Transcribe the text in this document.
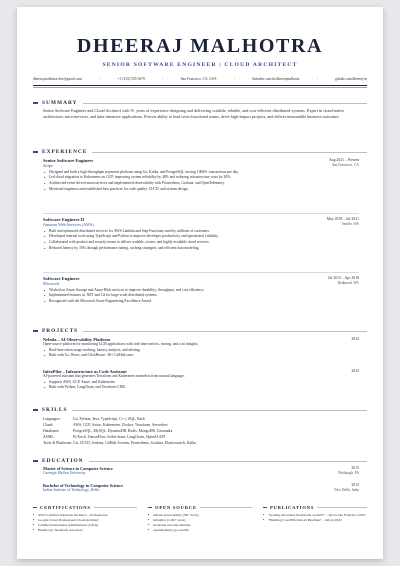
DHEERAJ MALHOTRA
SENIOR SOFTWARE ENGINEER | CLOUD ARCHITECT
dheeraj.malhotra.dev@gmail.com	|	+1 (415) 555-3679	|	San Francisco, CA, USA	|	linkedin.com/in/dheerajmalhotra	|	github.com/dheeraj-m
SUMMARY
Senior Software Engineer and Cloud Architect with 9+ years of experience designing and delivering scalable, reliable, and cost-efficient distributed systems. Expert in cloud-native architecture, microservices, and data-intensive applications. Proven ability to lead cross-functional teams, drive high-impact projects, and deliver measurable business outcomes.
EXPERIENCE
Senior Software Engineer	Aug 2021 – Present
Stripe	San Francisco, CA
• Designed and built a high-throughput payments platform using Go, Kafka, and PostgreSQL serving 100M+ transactions per day.
• Led cloud migration to Kubernetes on GCP, improving system reliability by 40% and reducing infrastructure costs by 28%.
• Architected event-driven microservices and implemented observability with Prometheus, Grafana, and OpenTelemetry.
• Mentored engineers and established best practices for code quality, CI/CD, and system design.
Software Engineer II	May 2018 – Jul 2021
Amazon Web Services (AWS)	Seattle, WA
• Built and optimized distributed services for AWS Lambda and Step Functions used by millions of customers.
• Developed internal tools using TypeScript and Python to improve developer productivity and operational visibility.
• Collaborated with product and security teams to deliver scalable, secure, and highly available cloud services.
• Reduced latency by 35% through performance tuning, caching strategies, and efficient data modeling.
Software Engineer	Jul 2015 – Apr 2018
Microsoft	Redmond, WA
• Worked on Azure Storage and Azure Blob services to improve durability, throughput, and cost efficiency.
• Implemented features in .NET and C# for large-scale distributed systems.
• Recognized with the Microsoft Azure Engineering Excellence Award.
PROJECTS
Nebula – AI Observability Platform	2024
Open-source platform for monitoring LLM applications with real-time metrics, tracing, and cost insights.
• Real-time token usage tracking, latency analysis, and alerting.
• Built with Go, React, and ClickHouse. 3K+ GitHub stars.
InfraPilot – Infrastructure as Code Assistant	2023
AI-powered assistant that generates Terraform and Kubernetes manifests from natural language.
• Supports AWS, GCP, Azure, and Kubernetes.
• Built with Python, LangChain, and Terraform CDK.
SKILLS
Languages:	Go, Python, Java, TypeScript, C++, SQL, Bash
Cloud:	AWS, GCP, Azure, Kubernetes, Docker, Terraform, Serverless
Databases:	PostgreSQL, MySQL, DynamoDB, Redis, MongoDB, Cassandra
AI/ML:	PyTorch, TensorFlow, Scikit-learn, LangChain, OpenAI API
Tools & Platforms: Git, CI/CD, Jenkins, GitHub Actions, Prometheus, Grafana, Elasticsearch, Kafka
EDUCATION
Master of Science in Computer Science	2015
Carnegie Mellon University	Pittsburgh, PA
Bachelor of Technology in Computer Science	2013
Indian Institute of Technology, Delhi	New Delhi, India
CERTIFICATIONS
• AWS Certified Solutions Architect – Professional
• Google Cloud Professional Cloud Architect
• Certified Kubernetes Administrator (CKA)
• HashiCorp Terraform Associate
OPEN SOURCE
• nebula-observability (3K+ stars)
• infrapilot (1.2K+ stars)
• terraform-aws-eks-module
• opentelemetry-go-contrib
PUBLICATIONS
• "Scaling Serverless Workloads on AWS" – QCon San Francisco 2023
• "Building Cost-Efficient AI Pipelines" – InfoQ 2022
